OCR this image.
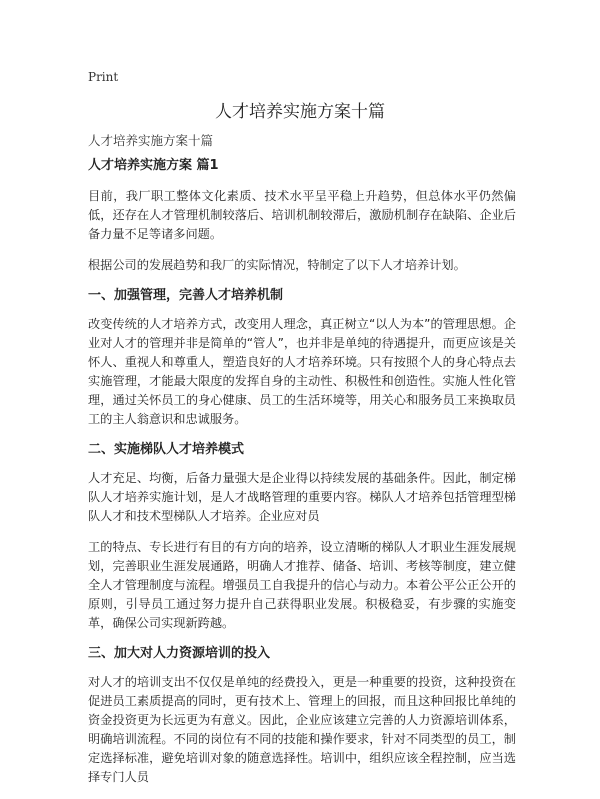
Print
人才培养实施方案十篇
人才培养实施方案十篇
人才培养实施方案 篇1

目前，我厂职工整体文化素质、技术水平呈平稳上升趋势，但总体水平仍然偏低，还存在人才管理机制较落后、培训机制较滞后，激励机制存在缺陷、企业后备力量不足等诸多问题。

根据公司的发展趋势和我厂的实际情况，特制定了以下人才培养计划。

一、加强管理，完善人才培养机制

改变传统的人才培养方式，改变用人理念，真正树立“以人为本”的管理思想。企业对人才的管理并非是简单的“管人”，也并非是单纯的待遇提升，而更应该是关怀人、重视人和尊重人，塑造良好的人才培养环境。只有按照个人的身心特点去实施管理，才能最大限度的发挥自身的主动性、积极性和创造性。实施人性化管理，通过关怀员工的身心健康、员工的生活环境等，用关心和服务员工来换取员工的主人翁意识和忠诚服务。

二、实施梯队人才培养模式

人才充足、均衡，后备力量强大是企业得以持续发展的基础条件。因此，制定梯队人才培养实施计划，是人才战略管理的重要内容。梯队人才培养包括管理型梯队人才和技术型梯队人才培养。企业应对员

工的特点、专长进行有目的有方向的培养，设立清晰的梯队人才职业生涯发展规划，完善职业生涯发展通路，明确人才推荐、储备、培训、考核等制度，建立健全人才管理制度与流程。增强员工自我提升的信心与动力。本着公平公正公开的原则，引导员工通过努力提升自己获得职业发展。积极稳妥，有步骤的实施变革，确保公司实现新跨越。

三、加大对人力资源培训的投入

对人才的培训支出不仅仅是单纯的经费投入，更是一种重要的投资，这种投资在促进员工素质提高的同时，更有技术上、管理上的回报，而且这种回报比单纯的资金投资更为长远更为有意义。因此，企业应该建立完善的人力资源培训体系，明确培训流程。不同的岗位有不同的技能和操作要求，针对不同类型的员工，制定选择标准，避免培训对象的随意选择性。培训中，组织应该全程控制，应当选择专门人员
